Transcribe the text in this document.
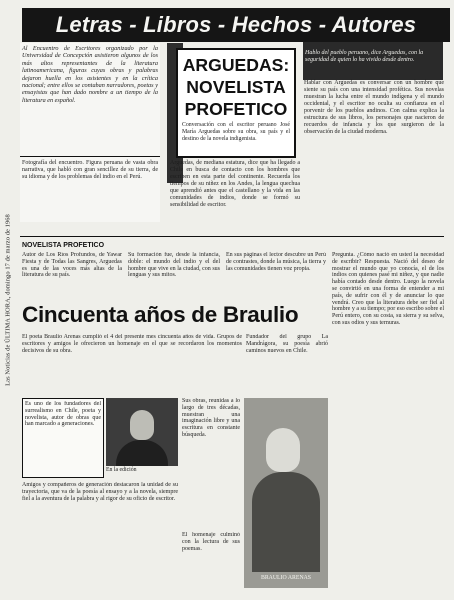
Las Noticias de ÚLTIMA HORA, domingo 17 de marzo de 1968
Letras - Libros - Hechos - Autores
Al Encuentro de Escritores organizado por la Universidad de Concepción asistieron algunos de los más altos representantes de la literatura latinoamericana, figuras cuyas obras y palabras dejaron huella en los asistentes y en la crítica nacional; entre ellos se contaban narradores, poetas y ensayistas que han dado nombre a un tiempo de la literatura en español.
Fotografía del encuentro. Figura peruana de vasta obra narrativa, que habló con gran sencillez de su tierra, de su idioma y de los problemas del indio en el Perú.
ARGUEDAS:
NOVELISTA
PROFETICO
Conversación con el escritor peruano José María Arguedas sobre su obra, su país y el destino de la novela indigenista.
Arguedas, de mediana estatura, dice que ha llegado a Chile en busca de contacto con los hombres que escriben en esta parte del continente. Recuerda los tiempos de su niñez en los Andes, la lengua quechua que aprendió antes que el castellano y la vida en las comunidades de indios, donde se formó su sensibilidad de escritor.
Hablo del pueblo peruano, dice Arguedas, con la seguridad de quien lo ha vivido desde dentro.
Hablar con Arguedas es conversar con un hombre que siente su país con una intensidad profética. Sus novelas muestran la lucha entre el mundo indígena y el mundo occidental, y el escritor no oculta su confianza en el porvenir de los pueblos andinos. Con calma explica la estructura de sus libros, los personajes que nacieron de recuerdos de infancia y los que surgieron de la observación de la ciudad moderna.
NOVELISTA PROFETICO
Autor de Los Ríos Profundos, de Yawar Fiesta y de Todas las Sangres, Arguedas es una de las voces más altas de la literatura de su país.
Su formación fue, desde la infancia, doble: el mundo del indio y el del hombre que vive en la ciudad, con sus lenguas y sus mitos.
En sus páginas el lector descubre un Perú de contrastes, donde la música, la tierra y las comunidades tienen voz propia.
Pregunta. ¿Cómo nació en usted la necesidad de escribir? Respuesta. Nació del deseo de mostrar el mundo que yo conocía, el de los indios con quienes pasé mi niñez, y que nadie había contado desde dentro. Luego la novela se convirtió en una forma de entender a mi país, de sufrir con él y de anunciar lo que vendrá. Creo que la literatura debe ser fiel al hombre y a su tiempo; por eso escribo sobre el Perú entero, con su costa, su sierra y su selva, con sus odios y sus ternuras.
Cincuenta años de Braulio
El poeta Braulio Arenas cumplió el 4 del presente mes cincuenta años de vida. Grupos de escritores y amigos le ofrecieron un homenaje en el que se recordaron los momentos decisivos de su obra.
Fundador del grupo La Mandrágora, su poesía abrió caminos nuevos en Chile.
Es uno de los fundadores del surrealismo en Chile, poeta y novelista, autor de obras que han marcado a generaciones.
En la edición
Sus obras, reunidas a lo largo de tres décadas, muestran una imaginación libre y una escritura en constante búsqueda.
BRAULIO ARENAS
Amigos y compañeros de generación destacaron la unidad de su trayectoria, que va de la poesía al ensayo y a la novela, siempre fiel a la aventura de la palabra y al rigor de su oficio de escritor.
El homenaje culminó con la lectura de sus poemas.
